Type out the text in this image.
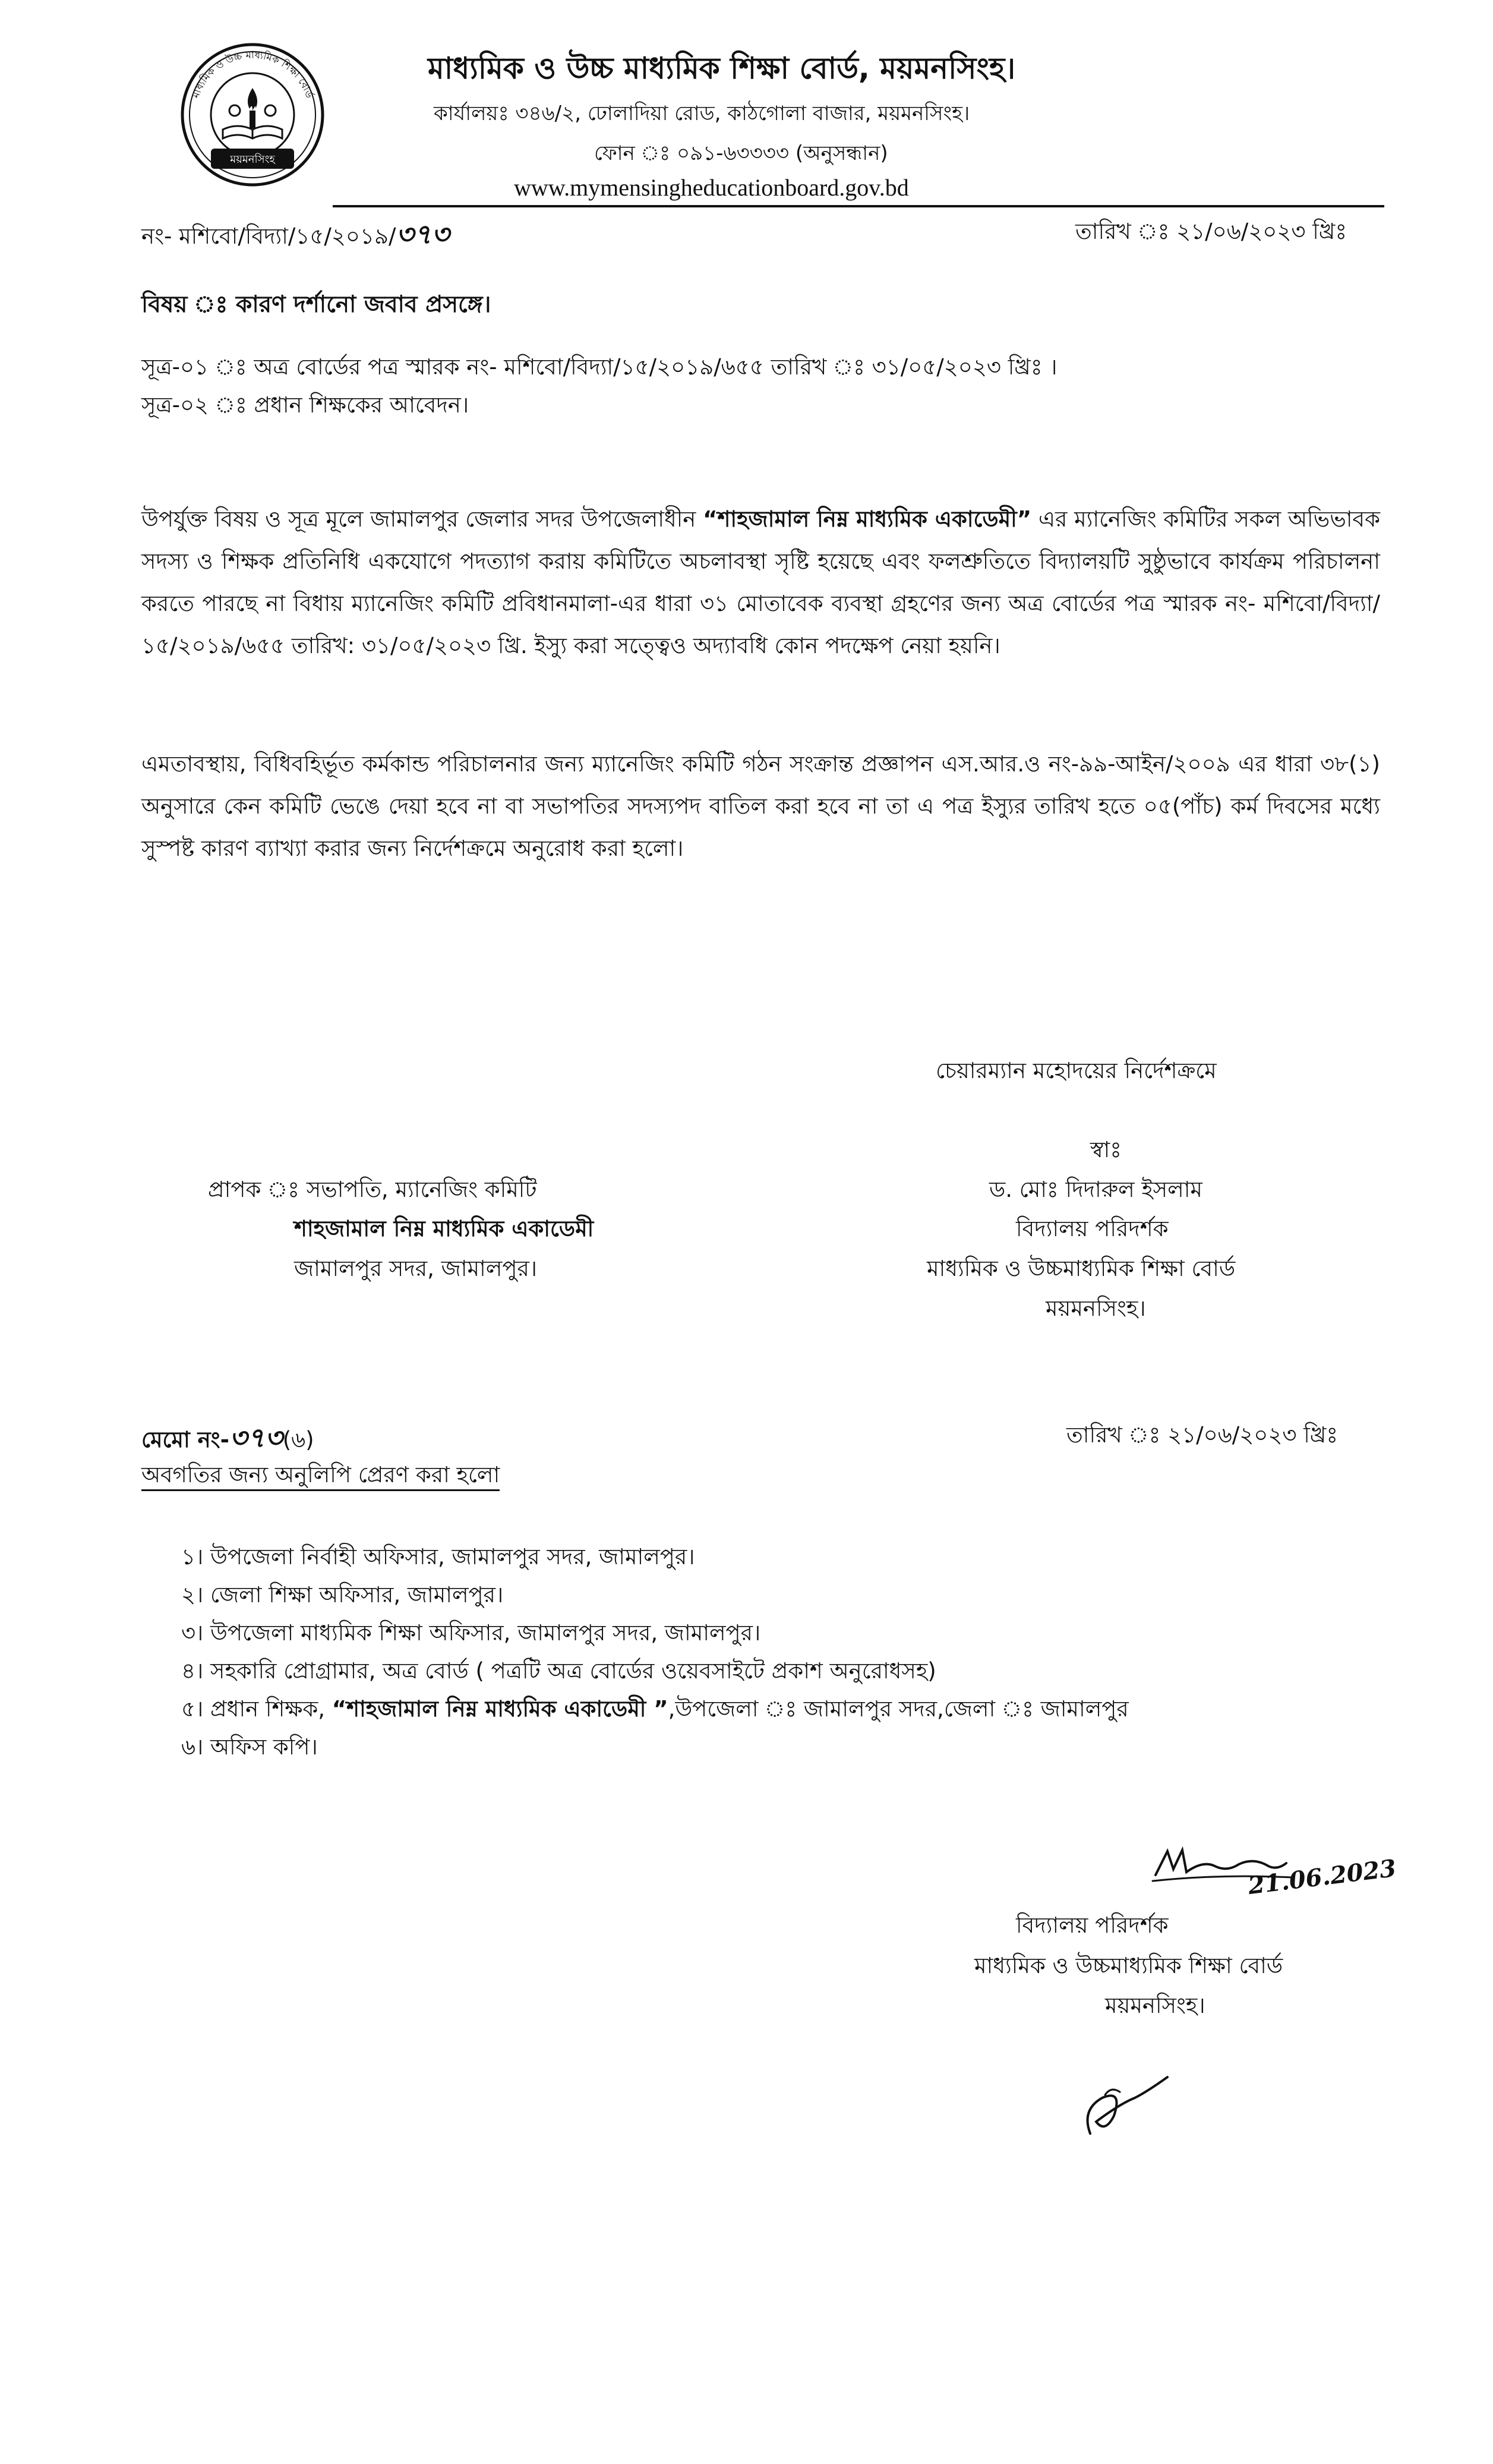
মাধ্যমিক ও উচ্চ মাধ্যমিক শিক্ষা বোর্ড
ময়মনসিংহ
মাধ্যমিক ও উচ্চ মাধ্যমিক শিক্ষা বোর্ড, ময়মনসিংহ।
কার্যালয়ঃ ৩৪৬/২, ঢোলাদিয়া রোড, কাঠগোলা বাজার, ময়মনসিংহ।
ফোন ঃ ০৯১-৬৩৩৩৩ (অনুসন্ধান)
www.mymensingheducationboard.gov.bd
নং- মশিবো/বিদ্যা/১৫/২০১৯/৩৭৩	তারিখ ঃ ২১/০৬/২০২৩ খ্রিঃ
বিষয় ঃ কারণ দর্শানো জবাব প্রসঙ্গে।
সূত্র-০১ ঃ অত্র বোর্ডের পত্র স্মারক নং- মশিবো/বিদ্যা/১৫/২০১৯/৬৫৫ তারিখ ঃ ৩১/০৫/২০২৩ খ্রিঃ ।
সূত্র-০২ ঃ প্রধান শিক্ষকের আবেদন।
উপর্যুক্ত বিষয় ও সূত্র মূলে জামালপুর জেলার সদর উপজেলাধীন “শাহজামাল নিম্ন মাধ্যমিক একাডেমী” এর ম্যানেজিং কমিটির সকল অভিভাবক সদস্য ও শিক্ষক প্রতিনিধি একযোগে পদত্যাগ করায় কমিটিতে অচলাবস্থা সৃষ্টি হয়েছে এবং ফলশ্রুতিতে বিদ্যালয়টি সুষ্ঠুভাবে কার্যক্রম পরিচালনা করতে পারছে না বিধায় ম্যানেজিং কমিটি প্রবিধানমালা-এর ধারা ৩১ মোতাবেক ব্যবস্থা গ্রহণের জন্য অত্র বোর্ডের পত্র স্মারক নং- মশিবো/বিদ্যা/১৫/২০১৯/৬৫৫ তারিখ: ৩১/০৫/২০২৩ খ্রি. ইস্যু করা সত্ত্বেও অদ্যাবধি কোন পদক্ষেপ নেয়া হয়নি।
এমতাবস্থায়, বিধিবহির্ভূত কর্মকান্ড পরিচালনার জন্য ম্যানেজিং কমিটি গঠন সংক্রান্ত প্রজ্ঞাপন এস.আর.ও নং-৯৯-আইন/২০০৯ এর ধারা ৩৮(১) অনুসারে কেন কমিটি ভেঙে দেয়া হবে না বা সভাপতির সদস্যপদ বাতিল করা হবে না তা এ পত্র ইস্যুর তারিখ হতে ০৫(পাঁচ) কর্ম দিবসের মধ্যে সুস্পষ্ট কারণ ব্যাখ্যা করার জন্য নির্দেশক্রমে অনুরোধ করা হলো।
চেয়ারম্যান মহোদয়ের নির্দেশক্রমে
স্বাঃ
ড. মোঃ দিদারুল ইসলাম
বিদ্যালয় পরিদর্শক
মাধ্যমিক ও উচ্চমাধ্যমিক শিক্ষা বোর্ড
ময়মনসিংহ।
প্রাপক ঃ সভাপতি, ম্যানেজিং কমিটি
শাহজামাল নিম্ন মাধ্যমিক একাডেমী
জামালপুর সদর, জামালপুর।
মেমো নং-৩৭৩(৬)	তারিখ ঃ ২১/০৬/২০২৩ খ্রিঃ
অবগতির জন্য অনুলিপি প্রেরণ করা হলো
১। উপজেলা নির্বাহী অফিসার, জামালপুর সদর, জামালপুর।
২। জেলা শিক্ষা অফিসার, জামালপুর।
৩। উপজেলা মাধ্যমিক শিক্ষা অফিসার, জামালপুর সদর, জামালপুর।
৪। সহকারি প্রোগ্রামার, অত্র বোর্ড ( পত্রটি অত্র বোর্ডের ওয়েবসাইটে প্রকাশ অনুরোধসহ)
৫। প্রধান শিক্ষক, “শাহজামাল নিম্ন মাধ্যমিক একাডেমী ”,উপজেলা ঃ জামালপুর সদর,জেলা ঃ জামালপুর
৬। অফিস কপি।
21.06.2023
বিদ্যালয় পরিদর্শক
মাধ্যমিক ও উচ্চমাধ্যমিক শিক্ষা বোর্ড
ময়মনসিংহ।
